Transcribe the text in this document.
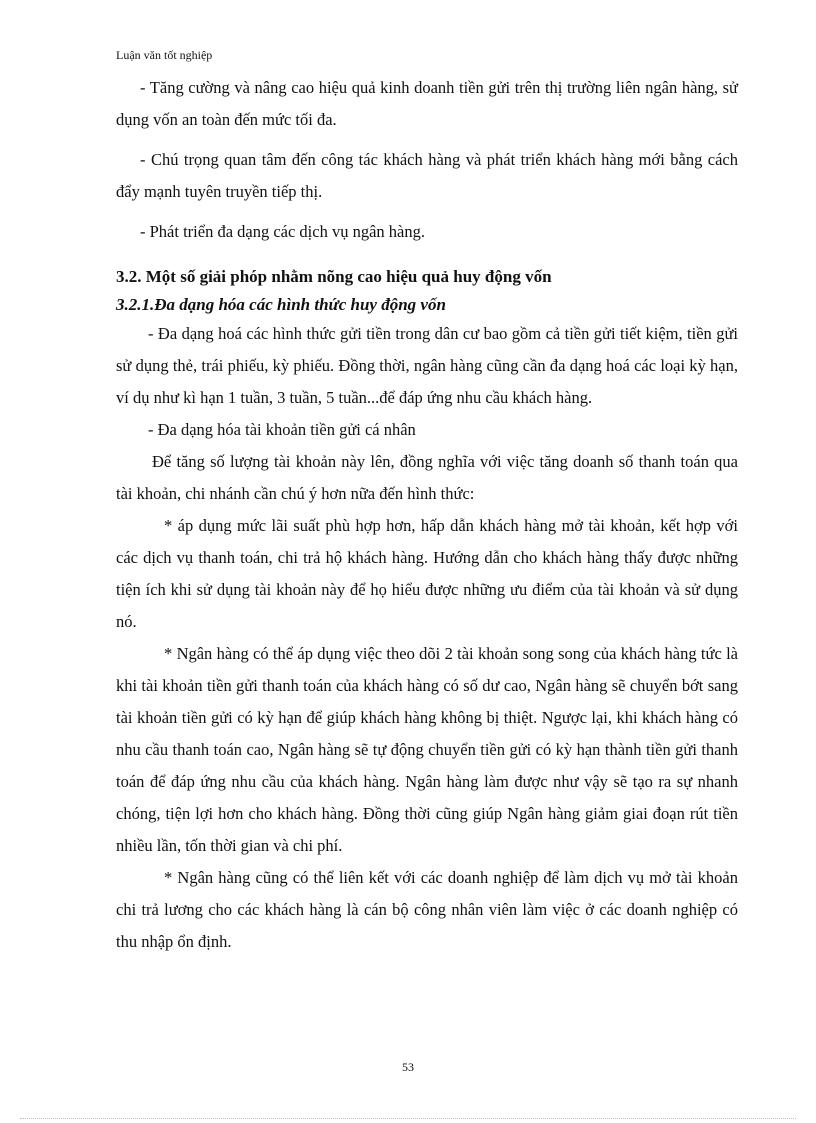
Luận văn tốt nghiệp

- Tăng cường và nâng cao hiệu quả kinh doanh tiền gửi trên thị trường liên ngân hàng, sử dụng vốn an toàn đến mức tối đa.

- Chú trọng quan tâm đến công tác khách hàng và phát triển khách hàng mới bằng cách đẩy mạnh tuyên truyền tiếp thị.

- Phát triển đa dạng các dịch vụ ngân hàng.

3.2. Một số giải phóp nhằm nõng cao hiệu quả huy động vốn

3.2.1.Đa dạng hóa các hình thức huy động vốn

- Đa dạng hoá các hình thức gửi tiền trong dân cư bao gồm cả tiền gửi tiết kiệm, tiền gửi sử dụng thẻ, trái phiếu, kỳ phiếu. Đồng thời, ngân hàng cũng cần đa dạng hoá các loại kỳ hạn, ví dụ như kì hạn 1 tuần, 3 tuần, 5 tuần...để đáp ứng nhu cầu khách hàng.

- Đa dạng hóa tài khoản tiền gửi cá nhân

Để tăng số lượng tài khoản này lên, đồng nghĩa với việc tăng doanh số thanh toán qua tài khoản, chi nhánh cần chú ý hơn nữa đến hình thức:

* áp dụng mức lãi suất phù hợp hơn, hấp dẫn khách hàng mở tài khoản, kết hợp với các dịch vụ thanh toán, chi trả hộ khách hàng. Hướng dẫn cho khách hàng thấy được những tiện ích khi sử dụng tài khoản này để họ hiểu được những ưu điểm của tài khoản và sử dụng nó.

* Ngân hàng có thể áp dụng việc theo dõi 2 tài khoản song song của khách hàng tức là khi tài khoản tiền gửi thanh toán của khách hàng có số dư cao, Ngân hàng sẽ chuyển bớt sang tài khoản tiền gửi có kỳ hạn để giúp khách hàng không bị thiệt. Ngược lại, khi khách hàng có nhu cầu thanh toán cao, Ngân hàng sẽ tự động chuyển tiền gửi có kỳ hạn thành tiền gửi thanh toán để đáp ứng nhu cầu của khách hàng. Ngân hàng làm được như vậy sẽ tạo ra sự nhanh chóng, tiện lợi hơn cho khách hàng. Đồng thời cũng giúp Ngân hàng giảm giai đoạn rút tiền nhiều lần, tốn thời gian và chi phí.

* Ngân hàng cũng có thể liên kết với các doanh nghiệp để làm dịch vụ mở tài khoản chi trả lương cho các khách hàng là cán bộ công nhân viên làm việc ở các doanh nghiệp có thu nhập ổn định.

53
